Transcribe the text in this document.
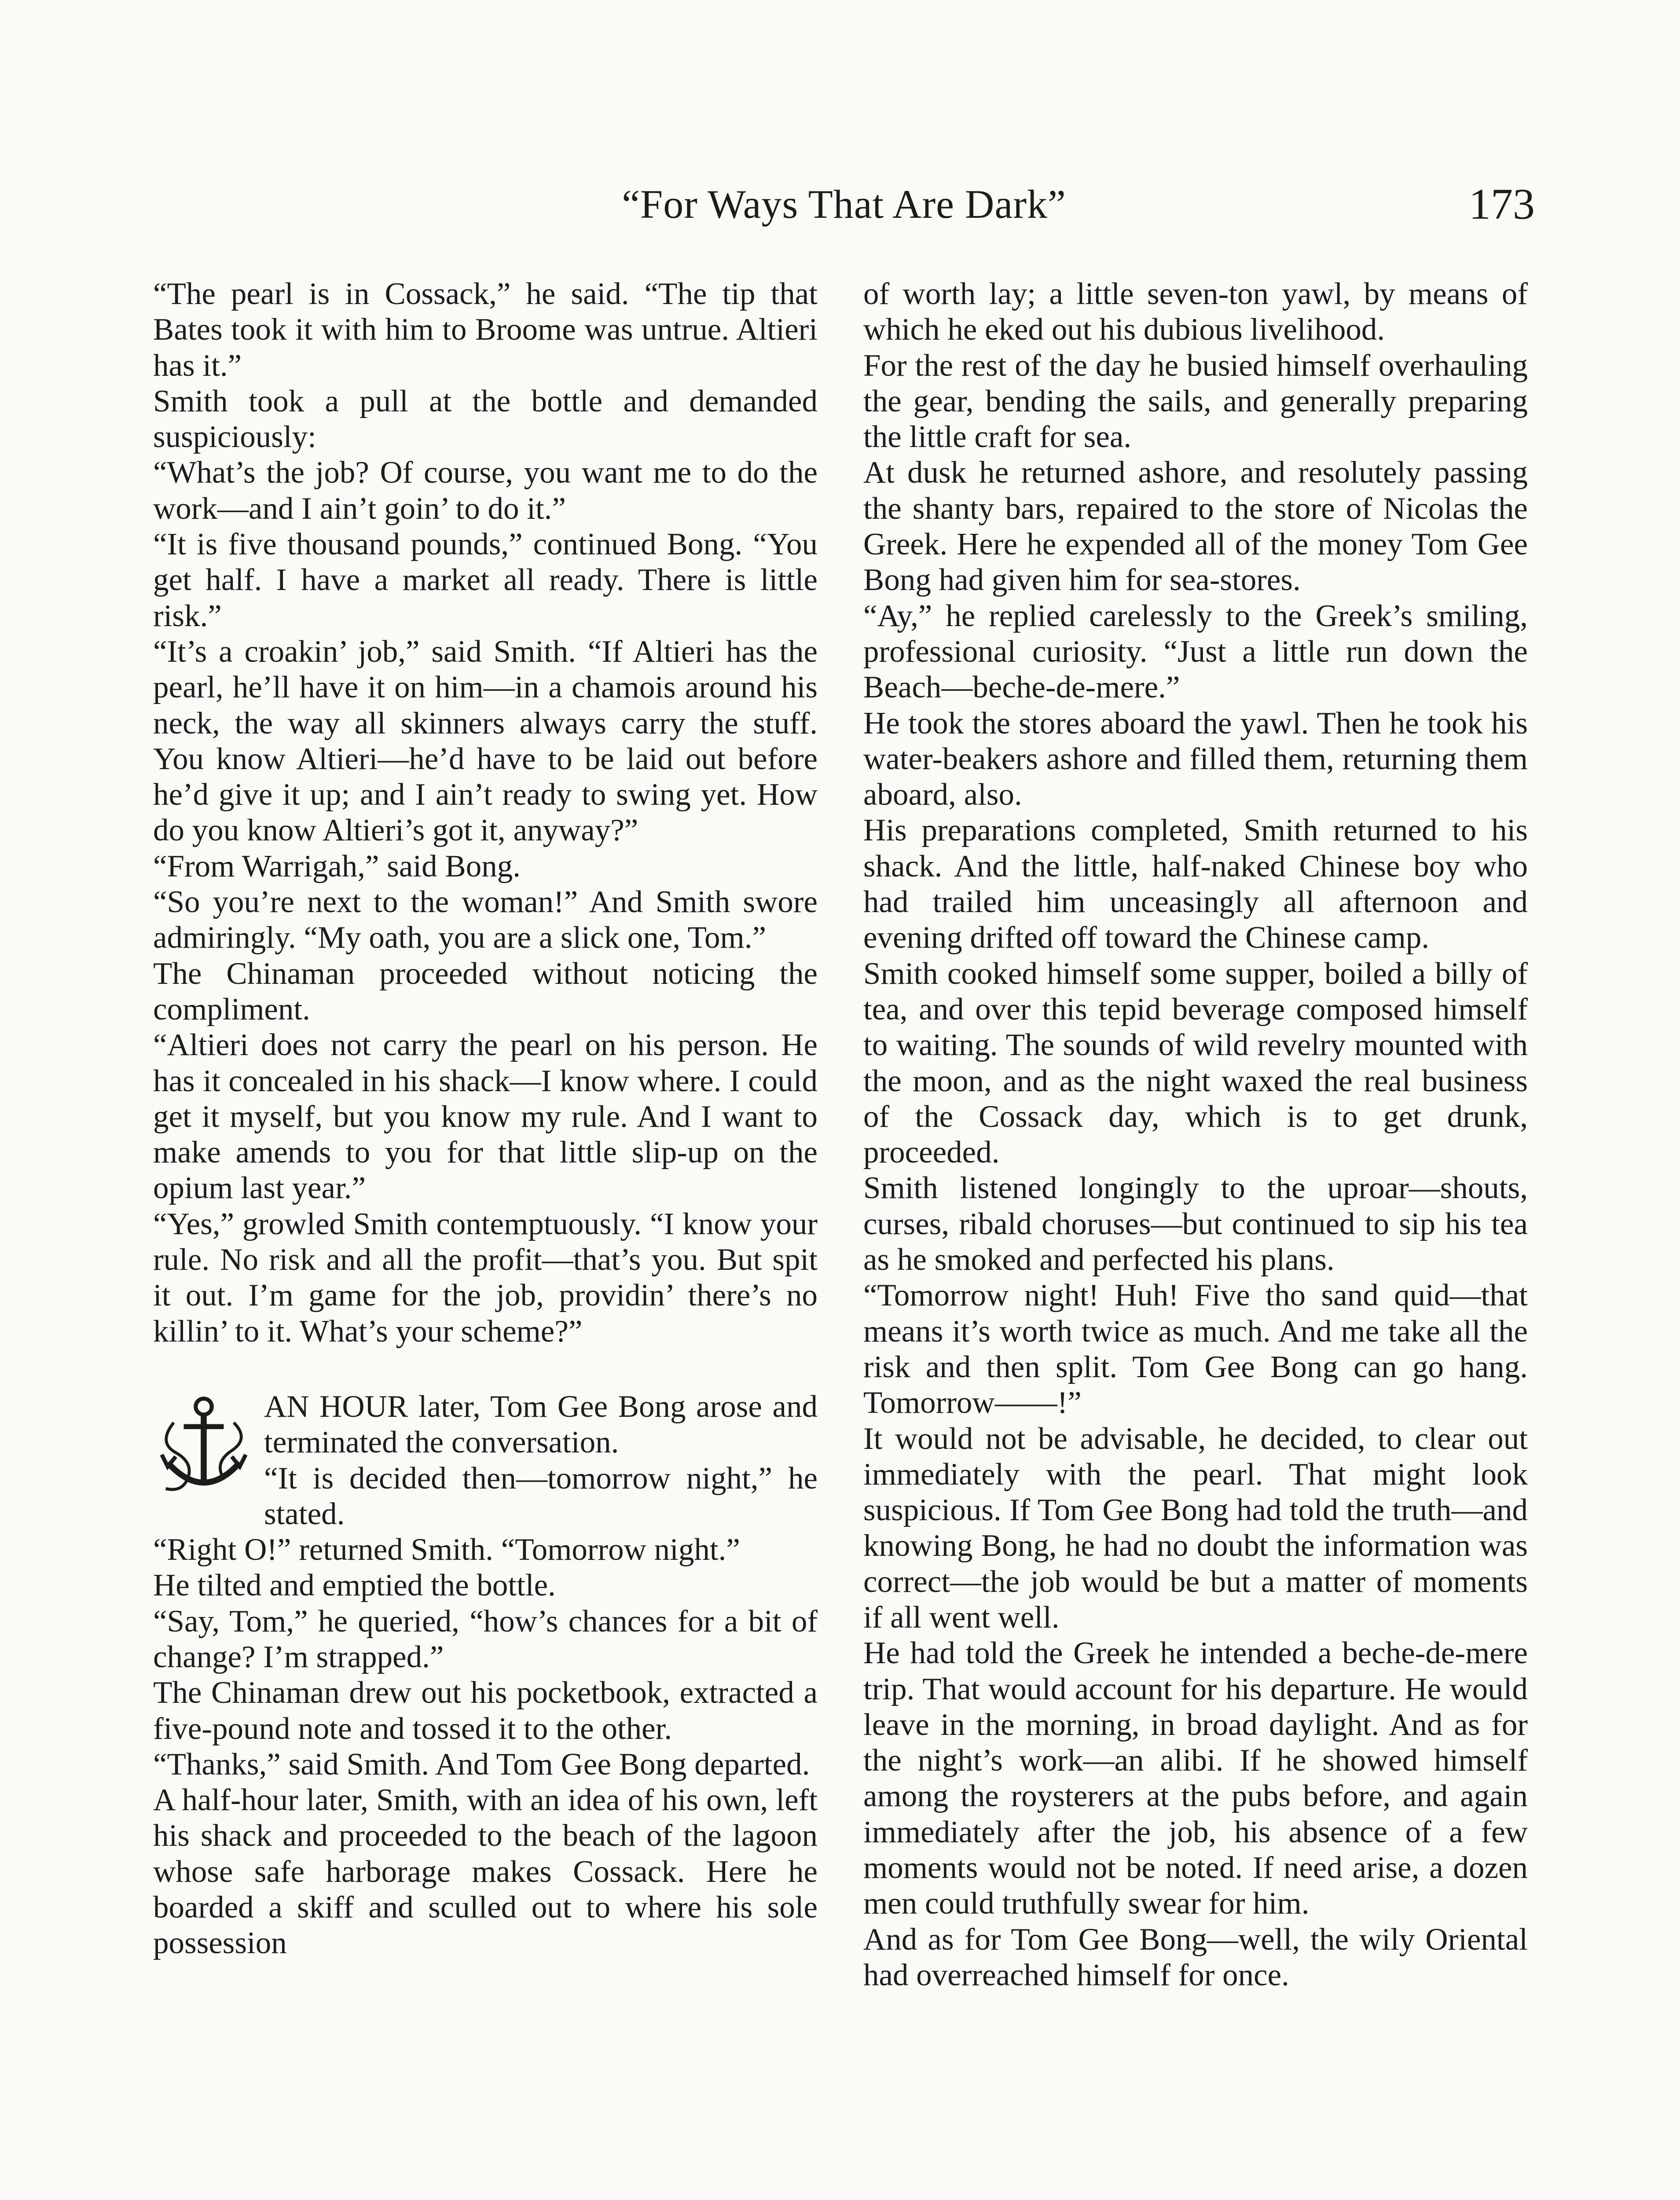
“For Ways That Are Dark”	173

“The pearl is in Cossack,” he said. “The tip that Bates took it with him to Broome was untrue. Altieri has it.”

Smith took a pull at the bottle and demanded suspiciously:

“What’s the job? Of course, you want me to do the work—and I ain’t goin’ to do it.”

“It is five thousand pounds,” continued Bong. “You get half. I have a market all ready. There is little risk.”

“It’s a croakin’ job,” said Smith. “If Altieri has the pearl, he’ll have it on him—in a chamois around his neck, the way all skinners always carry the stuff. You know Altieri—he’d have to be laid out before he’d give it up; and I ain’t ready to swing yet. How do you know Altieri’s got it, anyway?”

“From Warrigah,” said Bong.

“So you’re next to the woman!” And Smith swore admiringly. “My oath, you are a slick one, Tom.”

The Chinaman proceeded without noticing the compliment.

“Altieri does not carry the pearl on his person. He has it concealed in his shack—I know where. I could get it myself, but you know my rule. And I want to make amends to you for that little slip-up on the opium last year.”

“Yes,” growled Smith contemptuously. “I know your rule. No risk and all the profit—that’s you. But spit it out. I’m game for the job, providin’ there’s no killin’ to it. What’s your scheme?”

AN HOUR later, Tom Gee Bong arose and terminated the conversation.

“It is decided then—tomorrow night,” he stated.

“Right O!” returned Smith. “Tomorrow night.”

He tilted and emptied the bottle.

“Say, Tom,” he queried, “how’s chances for a bit of change? I’m strapped.”

The Chinaman drew out his pocketbook, extracted a five-pound note and tossed it to the other.

“Thanks,” said Smith. And Tom Gee Bong departed.

A half-hour later, Smith, with an idea of his own, left his shack and proceeded to the beach of the lagoon whose safe harborage makes Cossack. Here he boarded a skiff and sculled out to where his sole possession

of worth lay; a little seven-ton yawl, by means of which he eked out his dubious livelihood.

For the rest of the day he busied himself overhauling the gear, bending the sails, and generally preparing the little craft for sea.

At dusk he returned ashore, and resolutely passing the shanty bars, repaired to the store of Nicolas the Greek. Here he expended all of the money Tom Gee Bong had given him for sea-stores.

“Ay,” he replied carelessly to the Greek’s smiling, professional curiosity. “Just a little run down the Beach—beche-de-mere.”

He took the stores aboard the yawl. Then he took his water-beakers ashore and filled them, returning them aboard, also.

His preparations completed, Smith returned to his shack. And the little, half-naked Chinese boy who had trailed him unceasingly all afternoon and evening drifted off toward the Chinese camp.

Smith cooked himself some supper, boiled a billy of tea, and over this tepid beverage composed himself to waiting. The sounds of wild revelry mounted with the moon, and as the night waxed the real business of the Cossack day, which is to get drunk, proceeded.

Smith listened longingly to the uproar—shouts, curses, ribald choruses—but continued to sip his tea as he smoked and perfected his plans.

“Tomorrow night! Huh! Five tho sand quid—that means it’s worth twice as much. And me take all the risk and then split. Tom Gee Bong can go hang. Tomorrow——!”

It would not be advisable, he decided, to clear out immediately with the pearl. That might look suspicious. If Tom Gee Bong had told the truth—and knowing Bong, he had no doubt the information was correct—the job would be but a matter of moments if all went well.

He had told the Greek he intended a beche-de-mere trip. That would account for his departure. He would leave in the morning, in broad daylight. And as for the night’s work—an alibi. If he showed himself among the roysterers at the pubs before, and again immediately after the job, his absence of a few moments would not be noted. If need arise, a dozen men could truthfully swear for him.

And as for Tom Gee Bong—well, the wily Oriental had overreached himself for once.
